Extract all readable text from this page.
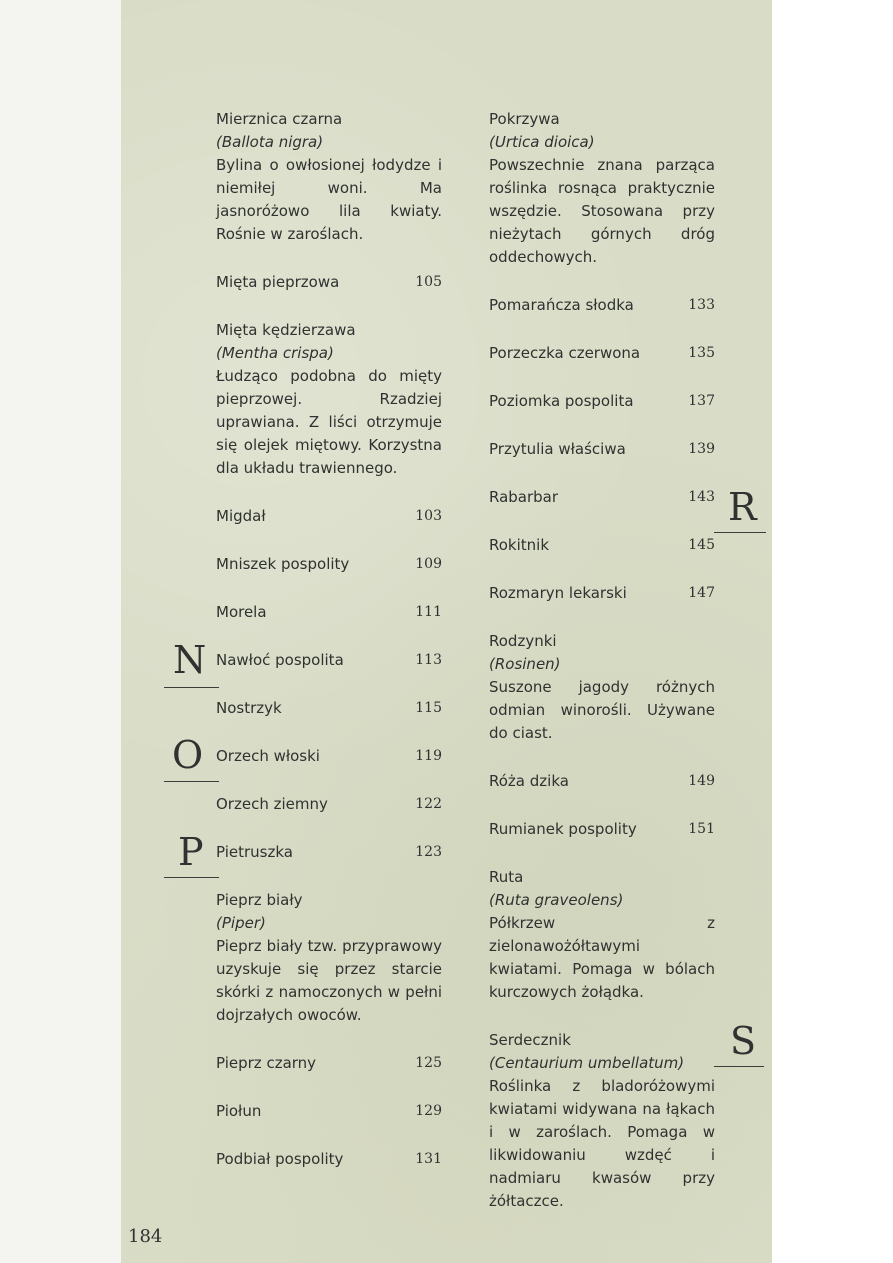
Mierznica czarna
(Ballota nigra)
Bylina o owłosionej łodydze i niemiłej woni. Ma jasnoróżowo lila kwiaty. Rośnie w zaroślach.
Mięta pieprzowa	105
Mięta kędzierzawa
(Mentha crispa)
Łudząco podobna do mięty pieprzowej. Rzadziej uprawiana. Z liści otrzymuje się olejek miętowy. Korzystna dla układu trawiennego.
Migdał	103
Mniszek pospolity	109
Morela	111
Nawłoć pospolita	113
Nostrzyk	115
Orzech włoski	119
Orzech ziemny	122
Pietruszka	123
Pieprz biały
(Piper)
Pieprz biały tzw. przyprawowy uzyskuje się przez starcie skórki z namoczonych w pełni dojrzałych owoców.
Pieprz czarny	125
Piołun	129
Podbiał pospolity	131
Pokrzywa
(Urtica dioica)
Powszechnie znana parząca roślinka rosnąca praktycznie wszędzie. Stosowana przy nieżytach górnych dróg oddechowych.
Pomarańcza słodka	133
Porzeczka czerwona	135
Poziomka pospolita	137
Przytulia właściwa	139
Rabarbar	143
Rokitnik	145
Rozmaryn lekarski	147
Rodzynki
(Rosinen)
Suszone jagody różnych odmian winorośli. Używane do ciast.
Róża dzika	149
Rumianek pospolity	151
Ruta
(Ruta graveolens)
Półkrzew z zielonawożółtawymi kwiatami. Pomaga w bólach kurczowych żołądka.
Serdecznik
(Centaurium umbellatum)
Roślinka z bladoróżowymi kwiatami widywana na łąkach i w zaroślach. Pomaga w likwidowaniu wzdęć i nadmiaru kwasów przy żółtaczce.
N
O
P
R
S
184
